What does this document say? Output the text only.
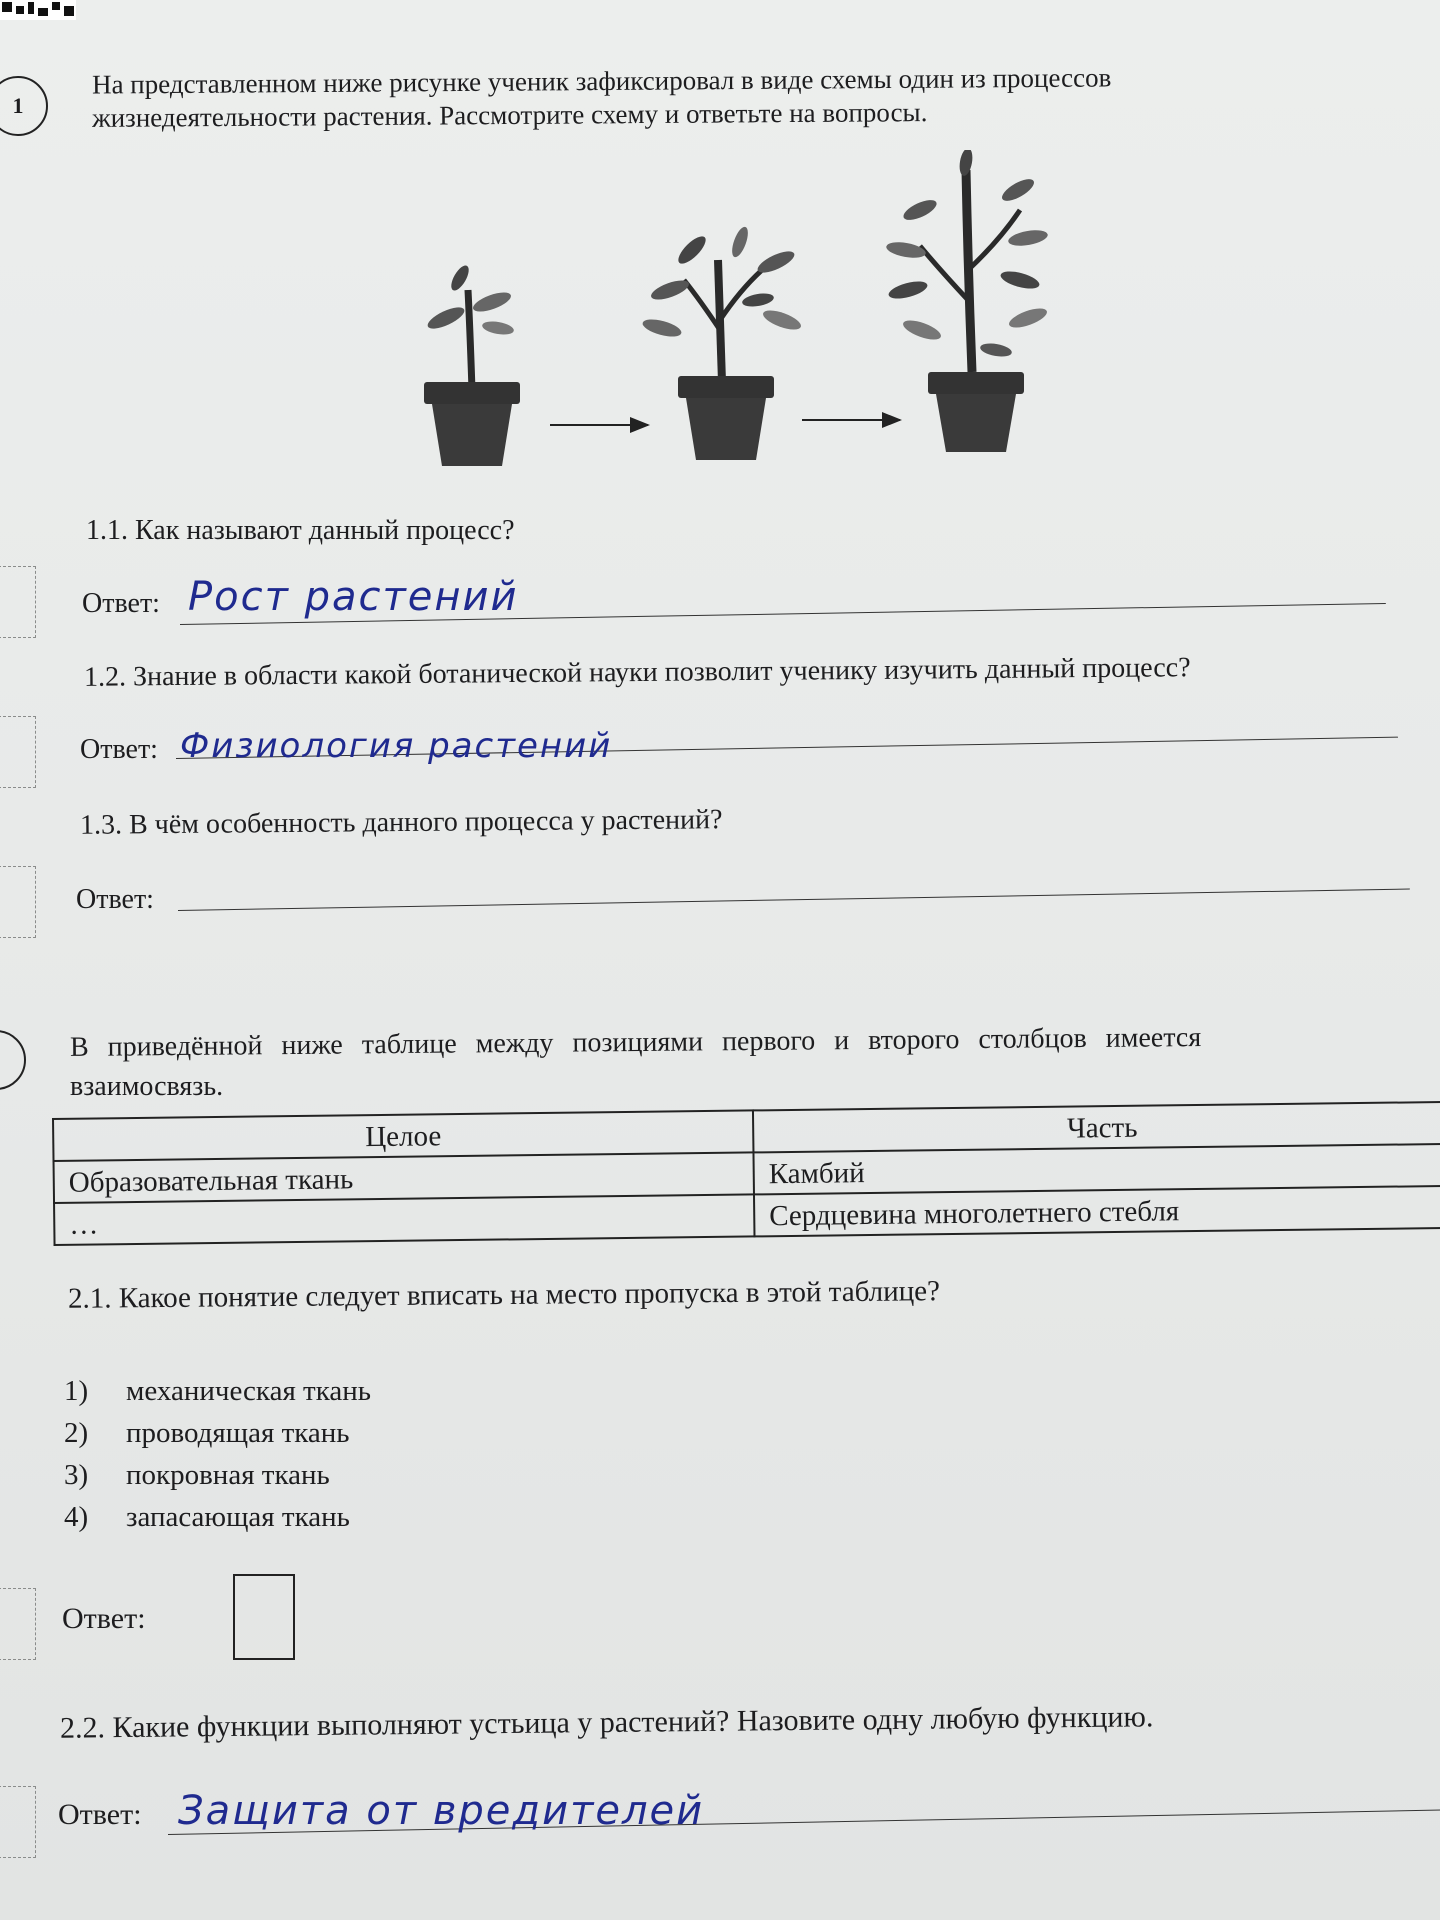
1
На представленном ниже рисунке ученик зафиксировал в виде схемы один из процессов
жизнедеятельности растения. Рассмотрите схему и ответьте на вопросы.
1.1. Как называют данный процесс?
Ответ: Рост растений
1.2. Знание в области какой ботанической науки позволит ученику изучить данный процесс?
Ответ: Физиология растений
1.3. В чём особенность данного процесса у растений?
Ответ:
В приведённой ниже таблице между позициями первого и второго столбцов имеется
взаимосвязь.
Целое	Часть
Образовательная ткань	Камбий
…	Сердцевина многолетнего стебля
2.1. Какое понятие следует вписать на место пропуска в этой таблице?
1) механическая ткань
2) проводящая ткань
3) покровная ткань
4) запасающая ткань
Ответ:
2.2. Какие функции выполняют устьица у растений? Назовите одну любую функцию.
Ответ: Защита от вредителей
